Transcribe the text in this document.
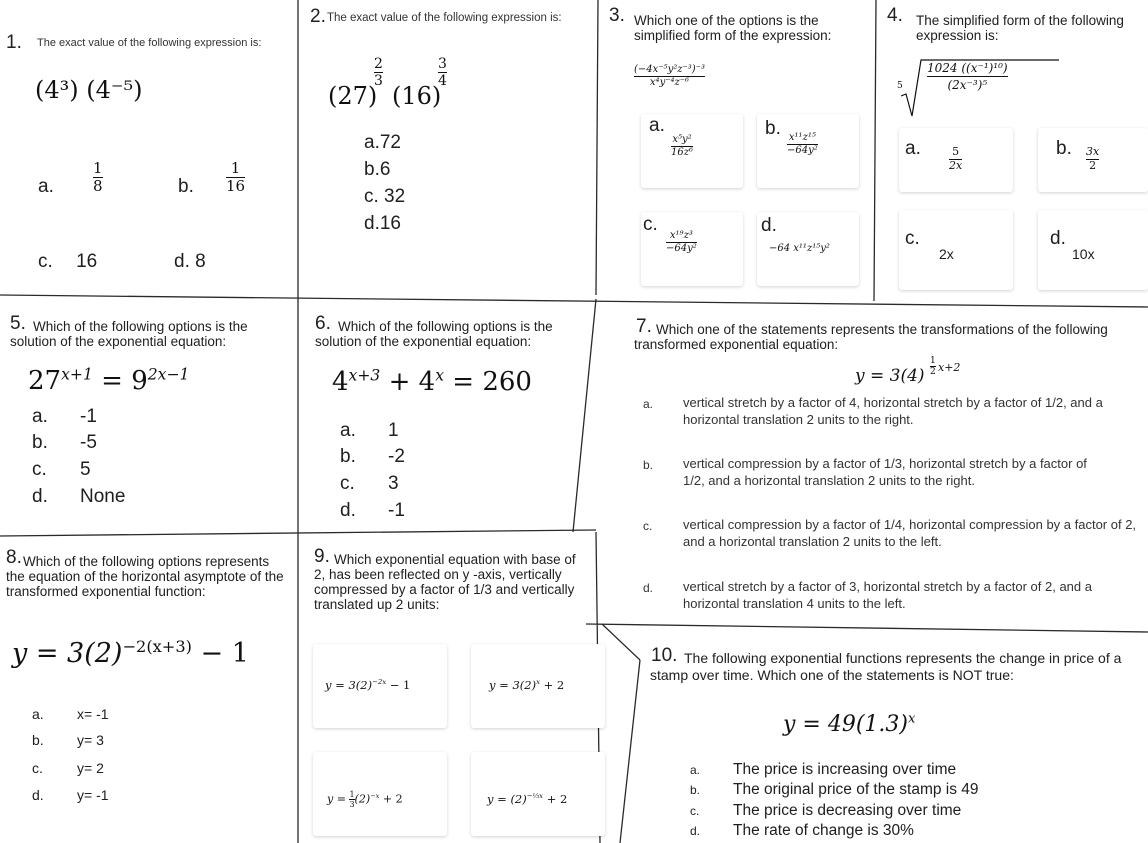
1. The exact value of the following expression is:
(4³) (4⁻⁵)
a.	$\frac{1}{8}$	b. $\frac{1}{16}$
c. 16	d. 8
2. The exact value of the following expression is:
(27)
$\frac{2}{3}$
(16)
$\frac{3}{4}$
a.72
b.6
c. 32
d.16
3. Which one of the options is the simplified form of the expression:
$\frac{\text{(−4x⁻⁵y²z⁻³)⁻³}}{\text{x⁴y⁻⁴z⁻⁶}}$
a.
$\frac{\text{x⁵y²}}{\text{16z⁶}}$
b.
$\frac{\text{x¹¹z¹⁵}}{\text{−64y²}}$
c.
$\frac{\text{x¹⁹z³}}{\text{−64y²}}$
d.
−64 x¹¹z¹⁵y²
4. The simplified form of the following expression is:
$5 \frac{\text{1024 ((x⁻¹)¹⁰)}}{\text{(2x⁻³)⁵}}$
a.	$\frac{5}{2x}$	b. $\frac{3x}{2}$
c.
2x
d.
10x
5. Which of the following options is the solution of the exponential equation:
$27^{x+1} = 9^{2x-1}$
a. -1
b. -5
c. 5
d. None
6. Which of the following options is the solution of the exponential equation:
$4^{x+3} + 4^x = 260$
a. 1
b. -2
c. 3
d. -1
7. Which one of the statements represents the transformations of the following transformed exponential equation:
$y = 3(4) \frac{1}{2} x+2$
a. vertical stretch by a factor of 4, horizontal stretch by a factor of 1/2, and a horizontal translation 2 units to the right.
b. vertical compression by a factor of 1/3, horizontal stretch by a factor of 1/2, and a horizontal translation 2 units to the right.
c. vertical compression by a factor of 1/4, horizontal compression by a factor of 2, and a horizontal translation 2 units to the left.
d. vertical stretch by a factor of 3, horizontal stretch by a factor of 2, and a horizontal translation 4 units to the left.
8. Which of the following options represents the equation of the horizontal asymptote of the transformed exponential function:
$y = 3(2)^{-2(x+3)} - 1$
a. x= -1
b. y= 3
c. y= 2
d. y= -1
9. Which exponential equation with base of 2, has been reflected on y -axis, vertically compressed by a factor of 1/3 and vertically translated up 2 units:
$y = 3(2)^{-2x} - 1$	$y = 3(2)^x + 2$
$y = \frac{1}{3} (2)^{-x} + 2$	$y = (2)^{-\frac{1}{3}x} + 2$
10. The following exponential functions represents the change in price of a stamp over time. Which one of the statements is NOT true:
$y = 49(1.3)^x$
a. The price is increasing over time
b. The original price of the stamp is 49
c. The price is decreasing over time
d. The rate of change is 30%
